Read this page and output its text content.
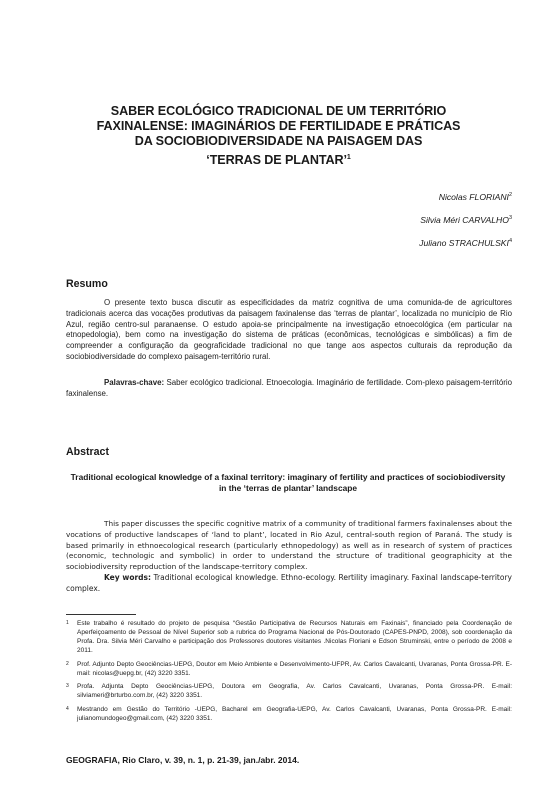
SABER ECOLÓGICO TRADICIONAL DE UM TERRITÓRIO
FAXINALENSE: IMAGINÁRIOS DE FERTILIDADE E PRÁTICAS
DA SOCIOBIODIVERSIDADE NA PAISAGEM DAS
‘TERRAS DE PLANTAR’$^1$
Nicolas FLORIANI$^2$
Silvia Méri CARVALHO$^3$
Juliano STRACHULSKI$^4$
Resumo
O presente texto busca discutir as especificidades da matriz cognitiva de uma comunida-de de agricultores tradicionais acerca das vocações produtivas da paisagem faxinalense das ‘terras de plantar’, localizada no município de Rio Azul, região centro-sul paranaense. O estudo apoia-se principalmente na investigação etnoecológica (em particular na etnopedologia), bem como na investigação do sistema de práticas (econômicas, tecnológicas e simbólicas) a fim de compreender a configuração da geograficidade tradicional no que tange aos aspectos culturais da reprodução da sociobiodiversidade do complexo paisagem-território rural.
Palavras-chave: Saber ecológico tradicional. Etnoecologia. Imaginário de fertilidade. Com-plexo paisagem-território faxinalense.
Abstract
Traditional ecological knowledge of a faxinal territory: imaginary of fertility and practices of sociobiodiversity in the ‘terras de plantar’ landscape
This paper discusses the specific cognitive matrix of a community of traditional farmers faxinalenses about the vocations of productive landscapes of ‘land to plant’, located in Rio Azul, central-south region of Paraná. The study is based primarily in ethnoecological research (particularly ethnopedology) as well as in research of system of practices (economic, technologic and symbolic) in order to understand the structure of traditional geographicity at the sociobiodiversity reproduction of the landscape-territory complex.
Key words: Traditional ecological knowledge. Ethno-ecology. Rertility imaginary. Faxinal landscape-territory complex.
1 Este trabalho é resultado do projeto de pesquisa “Gestão Participativa de Recursos Naturais em Faxinais”, financiado pela Coordenação de Aperfeiçoamento de Pessoal de Nível Superior sob a rubrica do Programa Nacional de Pós-Doutorado (CAPES-PNPD, 2008), sob coordenação da Profa. Dra. Silvia Méri Carvalho e participação dos Professores doutores visitantes .Nicolas Floriani e Edson Struminski, entre o período de 2008 e 2011.
2 Prof. Adjunto Depto Geociências-UEPG, Doutor em Meio Ambiente e Desenvolvimento-UFPR, Av. Carlos Cavalcanti, Uvaranas, Ponta Grossa-PR. E-mail: nicolas@uepg.br, (42) 3220 3351.
3 Profa. Adjunta Depto Geociências-UEPG, Doutora em Geografia, Av. Carlos Cavalcanti, Uvaranas, Ponta Grossa-PR. E-mail: silviameri@brturbo.com.br, (42) 3220 3351.
4 Mestrando em Gestão do Território -UEPG, Bacharel em Geografia-UEPG, Av. Carlos Cavalcanti, Uvaranas, Ponta Grossa-PR. E-mail: julianomundogeo@gmail.com, (42) 3220 3351.
GEOGRAFIA, Rio Claro, v. 39, n. 1, p. 21-39, jan./abr. 2014.
